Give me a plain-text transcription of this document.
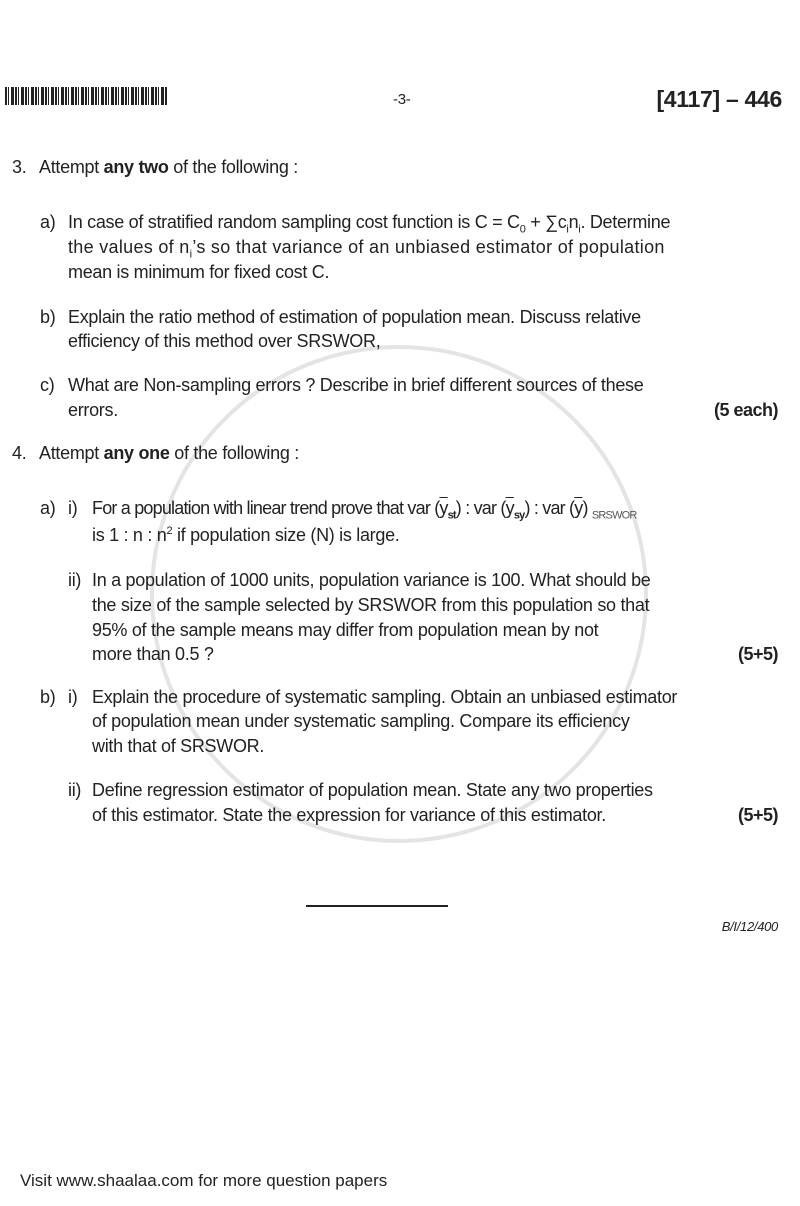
-3-	[4117] – 446
3. Attempt any two of the following :
a) In case of stratified random sampling cost function is $C = C_0 + \sum c_in_i$. Determine
the values of $n_i’s$ so that variance of an unbiased estimator of population
mean is minimum for fixed cost C.
b) Explain the ratio method of estimation of population mean. Discuss relative
efficiency of this method over SRSWOR,
c) What are Non-sampling errors ? Describe in brief different sources of these
errors.	(5 each)
4. Attempt any one of the following :
a) i) For a population with linear trend prove that var $(\overline{y}_{st})$ : var $(\overline{y}_{sy})$ : var $(\overline{y})$ $_{SRSWOR}$
is 1 : n : $n^2$ if population size (N) is large.
ii) In a population of 1000 units, population variance is 100. What should be
the size of the sample selected by SRSWOR from this population so that
95% of the sample means may differ from population mean by not
more than 0.5 ?	(5+5)
b) i) Explain the procedure of systematic sampling. Obtain an unbiased estimator
of population mean under systematic sampling. Compare its efficiency
with that of SRSWOR.
ii) Define regression estimator of population mean. State any two properties
of this estimator. State the expression for variance of this estimator.	(5+5)
B/I/12/400
Visit www.shaalaa.com for more question papers
